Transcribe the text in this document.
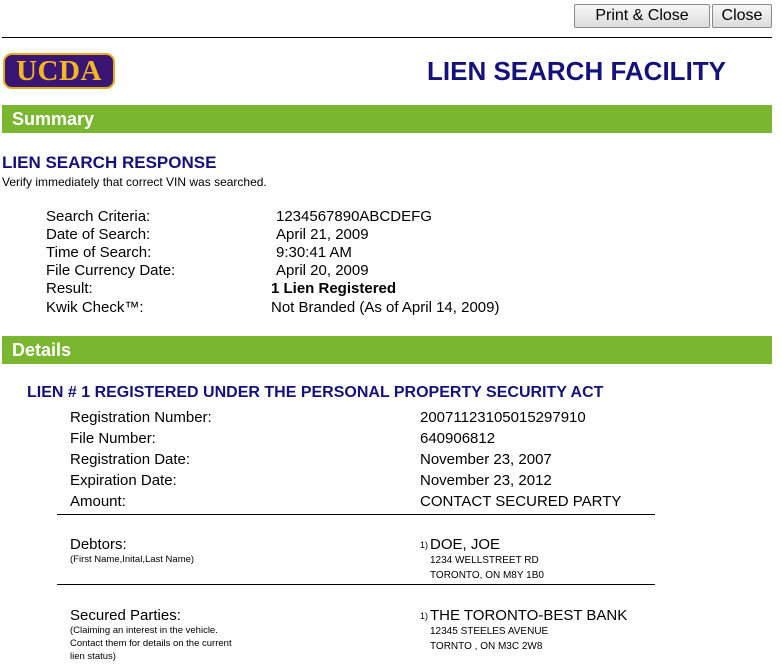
Print & Close	Close
UCDA	LIEN SEARCH FACILITY
Summary
LIEN SEARCH RESPONSE
Verify immediately that correct VIN was searched.
Search Criteria:	1234567890ABCDEFG
Date of Search:	April 21, 2009
Time of Search:	9:30:41 AM
File Currency Date:	April 20, 2009
Result:	1 Lien Registered
Kwik Check™:	Not Branded (As of April 14, 2009)
Details
LIEN # 1 REGISTERED UNDER THE PERSONAL PROPERTY SECURITY ACT
Registration Number:	20071123105015297910
File Number:	640906812
Registration Date:	November 23, 2007
Expiration Date:	November 23, 2012
Amount:	CONTACT SECURED PARTY
Debtors:
(First Name,Inital,Last Name)
1) DOE, JOE
1234 WELLSTREET RD
TORONTO, ON M8Y 1B0
Secured Parties:
(Claiming an interest in the vehicle.
Contact them for details on the current
lien status)
1) THE TORONTO-BEST BANK
12345 STEELES AVENUE
TORNTO , ON M3C 2W8
